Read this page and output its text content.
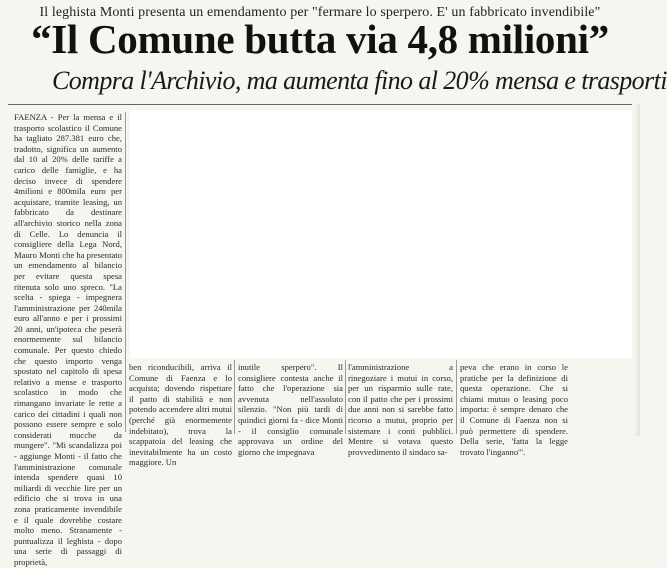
Il leghista Monti presenta un emendamento per "fermare lo sperpero. E' un fabbricato invendibile"
“Il Comune butta via 4,8 milioni”
Compra l'Archivio, ma aumenta fino al 20% mensa e trasporti

FAENZA - Per la mensa e il trasporto scolastico il Comune ha tagliato 287.381 euro che, tradotto, significa un aumento dal 10 al 20% delle tariffe a carico delle famiglie, e ha deciso invece di spendere 4milioni e 800mila euro per acquistare, tramite leasing, un fabbricato da destinare all'archivio storico nella zona di Celle. Lo denuncia il consigliere della Lega Nord, Mauro Monti che ha presentato un emendamento al bilancio per evitare questa spesa ritenuta solo uno spreco. "La scelta - spiega - impegnera l'amministrazione per 240mila euro all'anno e per i prossimi 20 anni, un'ipoteca che peserà enormemente sul bilancio comunale. Per questo chiedo che questo importo venga spostato nel capitolo di spesa relativo a mense e trasporto scolastico in modo che rimangano invariate le rette a carico dei cittadini i quali non possono essere sempre e solo considerati mucche da mungere". "Mi scandalizza poi - aggiunge Monti - il fatto che l'amministrazione comunale intenda spendere quasi 10 miliardi di vecchie lire per un edificio che si trova in una zona praticamente invendibile e il quale dovrebbe costare molto meno. Stranamente - puntualizza il leghista - dopo una serie di passaggi di proprietà,

ben riconducibili, arriva il Comune di Faenza e lo acquista; dovendo rispettare il patto di stabilità e non potendo accendere altri mutui (perché già enormemente indebitato), trova la scappatoia del leasing che inevitabilmente ha un costo maggiore. Un

inutile sperpero". Il consigliere contesta anche il fatto che l'operazione sia avvenuta nell'assoluto silenzio. "Non più tardi di quindici giorni fa - dice Monti - il consiglio comunale approvava un ordine del giorno che impegnava

l'amministrazione a rinegoziare i mutui in corso, per un risparmio sulle rate, con il patto che per i prossimi due anni non si sarebbe fatto ricorso a mutui, proprio per sistemare i conti pubblici. Mentre si votava questo provvedimento il sindaco sa-

peva che erano in corso le pratiche per la definizione di questa operazione. Che si chiami mutuo o leasing poco importa: è sempre denaro che il Comune di Faenza non si può permettere di spendere. Della serie, 'fatta la legge trovato l'inganno'".
